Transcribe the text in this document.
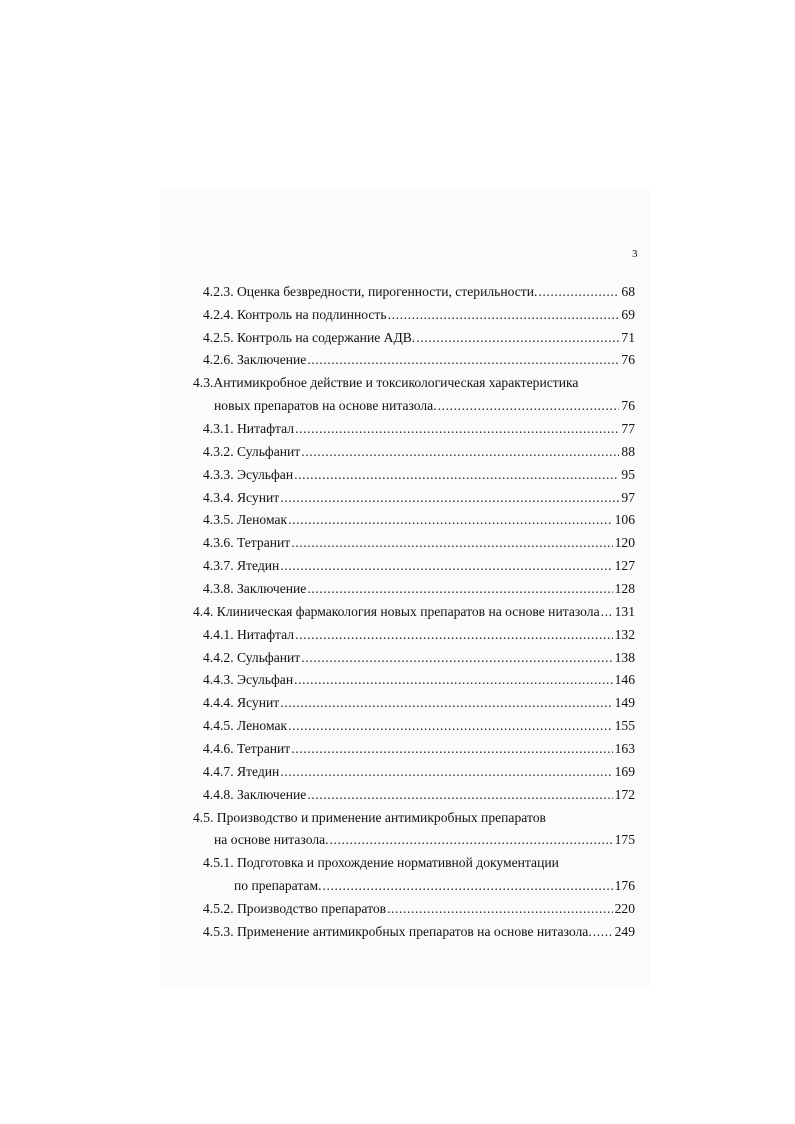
3
4.2.3. Оценка безвредности, пирогенности, стерильности. .....	68
4.2.4. Контроль на подлинность .....	69
4.2.5. Контроль на содержание АДВ. .....	71
4.2.6. Заключение .....	76
4.3.Антимикробное действие и токсикологическая характеристика
новых препаратов на основе нитазола. .....	76
4.3.1. Нитафтал .....	77
4.3.2. Сульфанит .....	88
4.3.3. Эсульфан .....	95
4.3.4. Ясунит .....	97
4.3.5. Леномак .....	106
4.3.6. Тетранит .....	120
4.3.7. Ятедин .....	127
4.3.8. Заключение .....	128
4.4. Клиническая фармакология новых препаратов на основе нитазола ..... 131
4.4.1. Нитафтал .....	132
4.4.2. Сульфанит .....	138
4.4.3. Эсульфан .....	146
4.4.4. Ясунит .....	149
4.4.5. Леномак .....	155
4.4.6. Тетранит .....	163
4.4.7. Ятедин .....	169
4.4.8. Заключение .....	172
4.5. Производство и применение антимикробных препаратов
на основе нитазола. .....	175
4.5.1. Подготовка и прохождение нормативной документации
по препаратам. .....	176
4.5.2. Производство препаратов .....	220
4.5.3. Применение антимикробных препаратов на основе нитазола. ..... 249
